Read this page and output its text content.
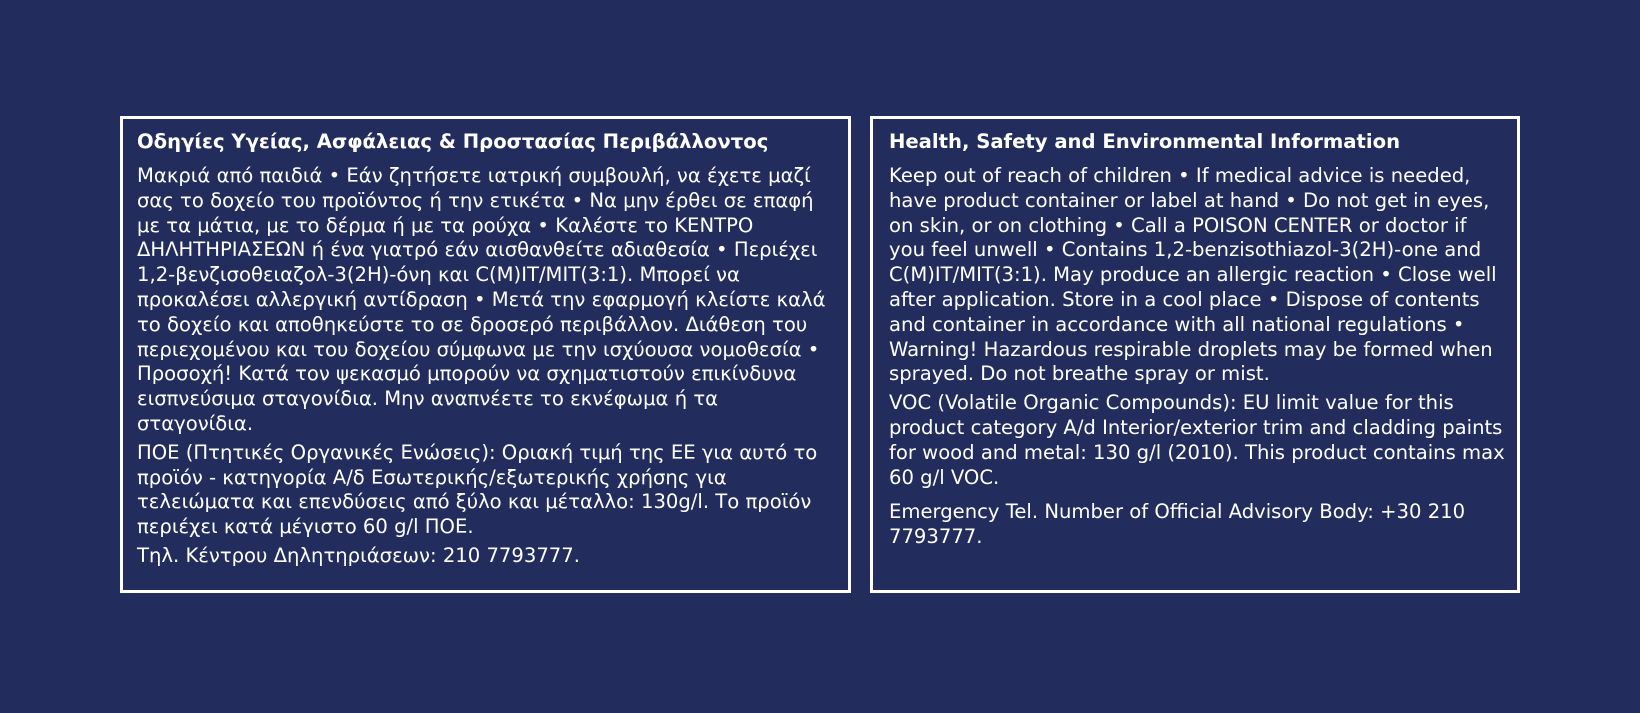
Οδηγίες Υγείας, Ασφάλειας & Προστασίας Περιβάλλοντος
Μακριά από παιδιά • Εάν ζητήσετε ιατρική συμβουλή, να έχετε μαζί σας το δοχείο του προϊόντος ή την ετικέτα • Να μην έρθει σε επαφή με τα μάτια, με το δέρμα ή με τα ρούχα • Καλέστε το ΚΕΝΤΡΟ ΔΗΛΗΤΗΡΙΑΣΕΩΝ ή ένα γιατρό εάν αισθανθείτε αδιαθεσία • Περιέχει 1,2-βενζισοθειαζολ-3(2Η)-όνη και C(M)IT/MIT(3:1). Μπορεί να προκαλέσει αλλεργική αντίδραση • Μετά την εφαρμογή κλείστε καλά το δοχείο και αποθηκεύστε το σε δροσερό περιβάλλον. Διάθεση του περιεχομένου και του δοχείου σύμφωνα με την ισχύουσα νομοθεσία • Προσοχή! Κατά τον ψεκασμό μπορούν να σχηματιστούν επικίνδυνα εισπνεύσιμα σταγονίδια. Μην αναπνέετε το εκνέφωμα ή τα σταγονίδια.
ΠΟΕ (Πτητικές Οργανικές Ενώσεις): Οριακή τιμή της ΕΕ για αυτό το προϊόν - κατηγορία Α/δ Εσωτερικής/εξωτερικής χρήσης για τελειώματα και επενδύσεις από ξύλο και μέταλλο: 130g/l. Το προϊόν περιέχει κατά μέγιστο 60 g/l ΠΟΕ.
Τηλ. Κέντρου Δηλητηριάσεων: 210 7793777.
Health, Safety and Environmental Information
Keep out of reach of children • If medical advice is needed, have product container or label at hand • Do not get in eyes, on skin, or on clothing • Call a POISON CENTER or doctor if you feel unwell • Contains 1,2-benzisothiazol-3(2H)-one and C(M)IT/MIT(3:1). May produce an allergic reaction • Close well after application. Store in a cool place • Dispose of contents and container in accordance with all national regulations • Warning! Hazardous respirable droplets may be formed when sprayed. Do not breathe spray or mist.
VOC (Volatile Organic Compounds): EU limit value for this product category A/d Interior/exterior trim and cladding paints for wood and metal: 130 g/l (2010). This product contains max 60 g/l VOC.
Emergency Tel. Number of Official Advisory Body: +30 210 7793777.
